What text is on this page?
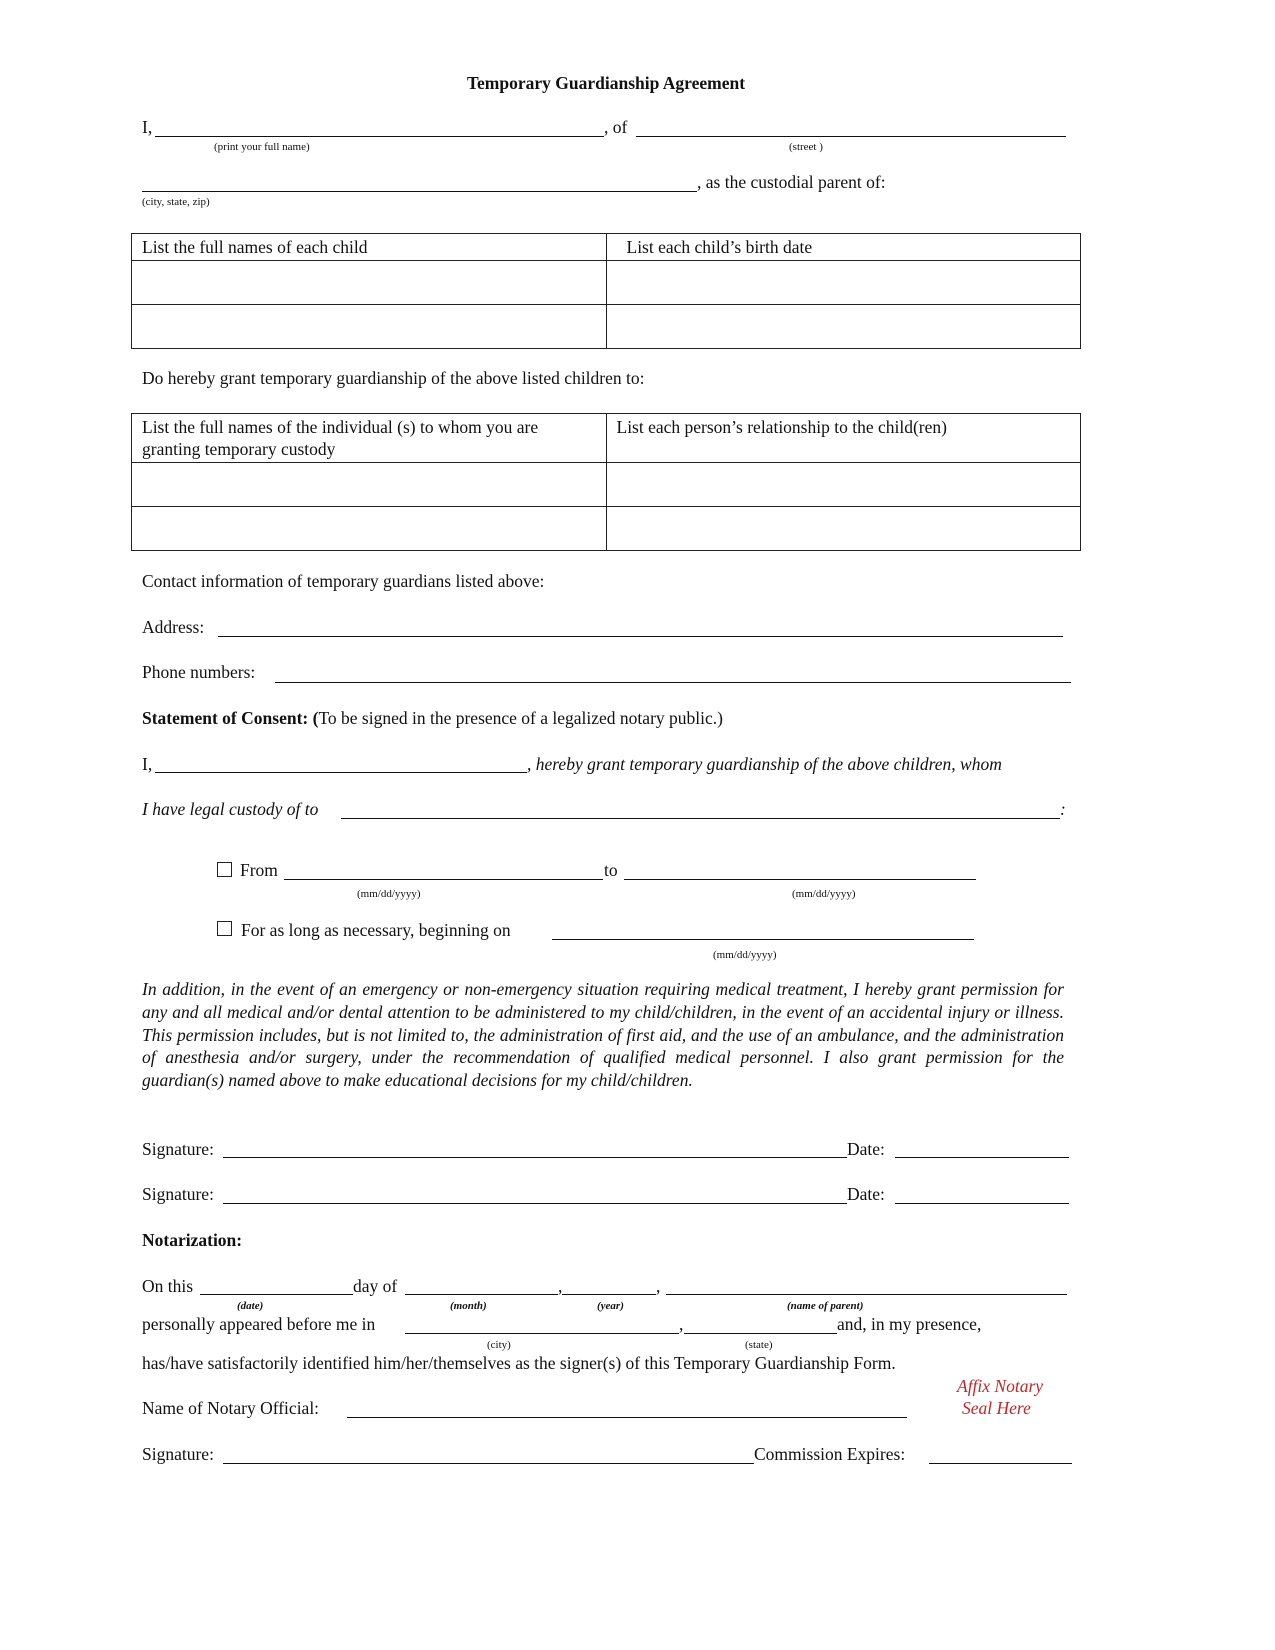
Temporary Guardianship Agreement
I,	, of
(print your full name)	(street )
, as the custodial parent of:
(city, state, zip)
List the full names of each child	List each child’s birth date

Do hereby grant temporary guardianship of the above listed children to:
List the full names of the individual (s) to whom you are granting temporary custody	List each person’s relationship to the child(ren)

Contact information of temporary guardians listed above:
Address:
Phone numbers:
Statement of Consent: (To be signed in the presence of a legalized notary public.)
I,	, hereby grant temporary guardianship of the above children, whom
I have legal custody of to	:
From	to
(mm/dd/yyyy)	(mm/dd/yyyy)
For as long as necessary, beginning on
(mm/dd/yyyy)
In addition, in the event of an emergency or non-emergency situation requiring medical treatment, I hereby grant permission for any and all medical and/or dental attention to be administered to my child/children, in the event of an accidental injury or illness. This permission includes, but is not limited to, the administration of first aid, and the use of an ambulance, and the administration of anesthesia and/or surgery, under the recommendation of qualified medical personnel. I also grant permission for the guardian(s) named above to make educational decisions for my child/children.
Signature:	Date:
Signature:	Date:
Notarization:
On this	day of	,	,
(date)	(month)	(year)	(name of parent)
personally appeared before me in	,	and, in my presence,
(city)	(state)
has/have satisfactorily identified him/her/themselves as the signer(s) of this Temporary Guardianship Form.
Affix Notary
Seal Here
Name of Notary Official:
Signature:	Commission Expires:
